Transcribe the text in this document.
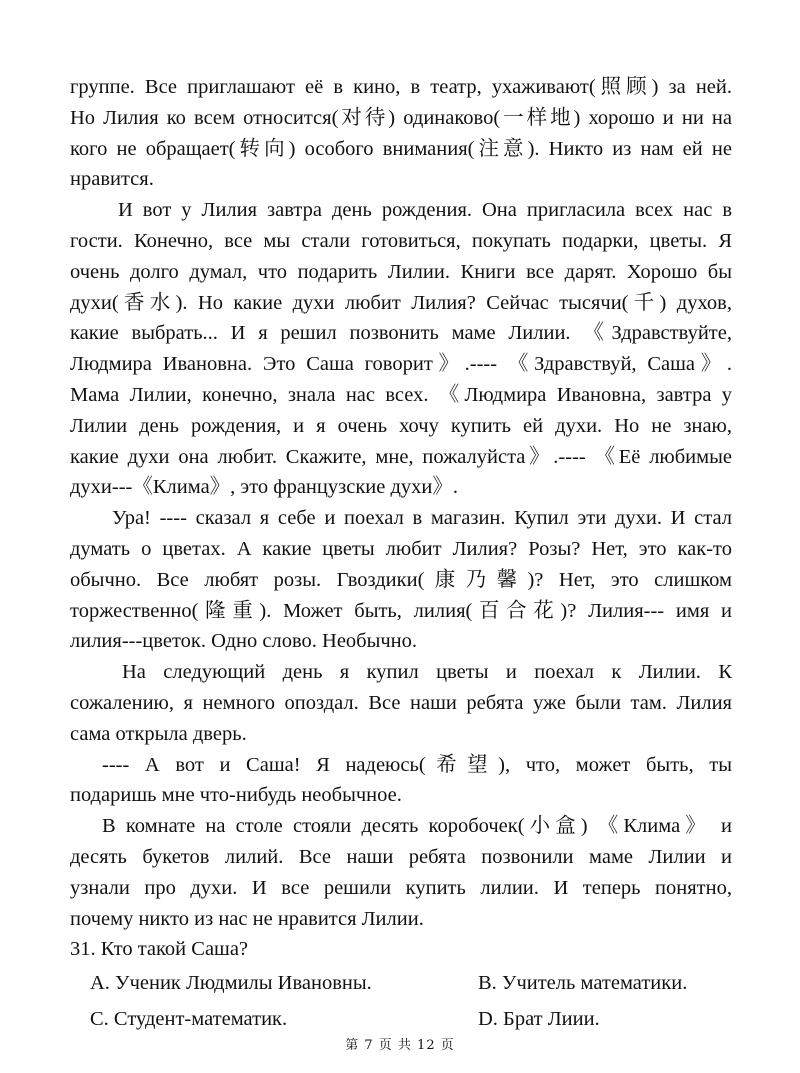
группе. Все приглашают её в кино, в театр, ухаживают(照顾) за ней.
Но Лилия ко всем относится(对待) одинаково(一样地) хорошо и ни на
кого не обращает(转向) особого внимания(注意). Никто из нам ей не
нравится.

И вот у Лилия завтра день рождения. Она пригласила всех нас в
гости. Конечно, все мы стали готовиться, покупать подарки, цветы. Я
очень долго думал, что подарить Лилии. Книги все дарят. Хорошо бы
духи(香水). Но какие духи любит Лилия? Сейчас тысячи(千) духов,
какие выбрать... И я решил позвонить маме Лилии. 《Здравствуйте,
Людмира Ивановна. Это Саша говорит》.---- 《Здравствуй, Саша》.
Мама Лилии, конечно, знала нас всех. 《Людмира Ивановна, завтра у
Лилии день рождения, и я очень хочу купить ей духи. Но не знаю,
какие духи она любит. Скажите, мне, пожалуйста》.---- 《Её любимые
духи---《Клима》, это французские духи》.

Ура! ---- сказал я себе и поехал в магазин. Купил эти духи. И стал
думать о цветах. А какие цветы любит Лилия? Розы? Нет, это как-то
обычно. Все любят розы. Гвоздики(康乃馨)? Нет, это слишком
торжественно(隆重). Может быть, лилия(百合花)? Лилия--- имя и
лилия---цветок. Одно слово. Необычно.

На следующий день я купил цветы и поехал к Лилии. К
сожалению, я немного опоздал. Все наши ребята уже были там. Лилия
сама открыла дверь.

---- А вот и Саша! Я надеюсь(希望), что, может быть, ты
подаришь мне что-нибудь необычное.

В комнате на столе стояли десять коробочек(小盒) 《Клима》 и
десять букетов лилий. Все наши ребята позвонили маме Лилии и
узнали про духи. И все решили купить лилии. И теперь понятно,
почему никто из нас не нравится Лилии.

31. Кто такой Саша?

A. Ученик Людмилы Ивановны.	B. Учитель математики.
C. Студент-математик.	D. Брат Лиии.
第 7 页 共 12 页
